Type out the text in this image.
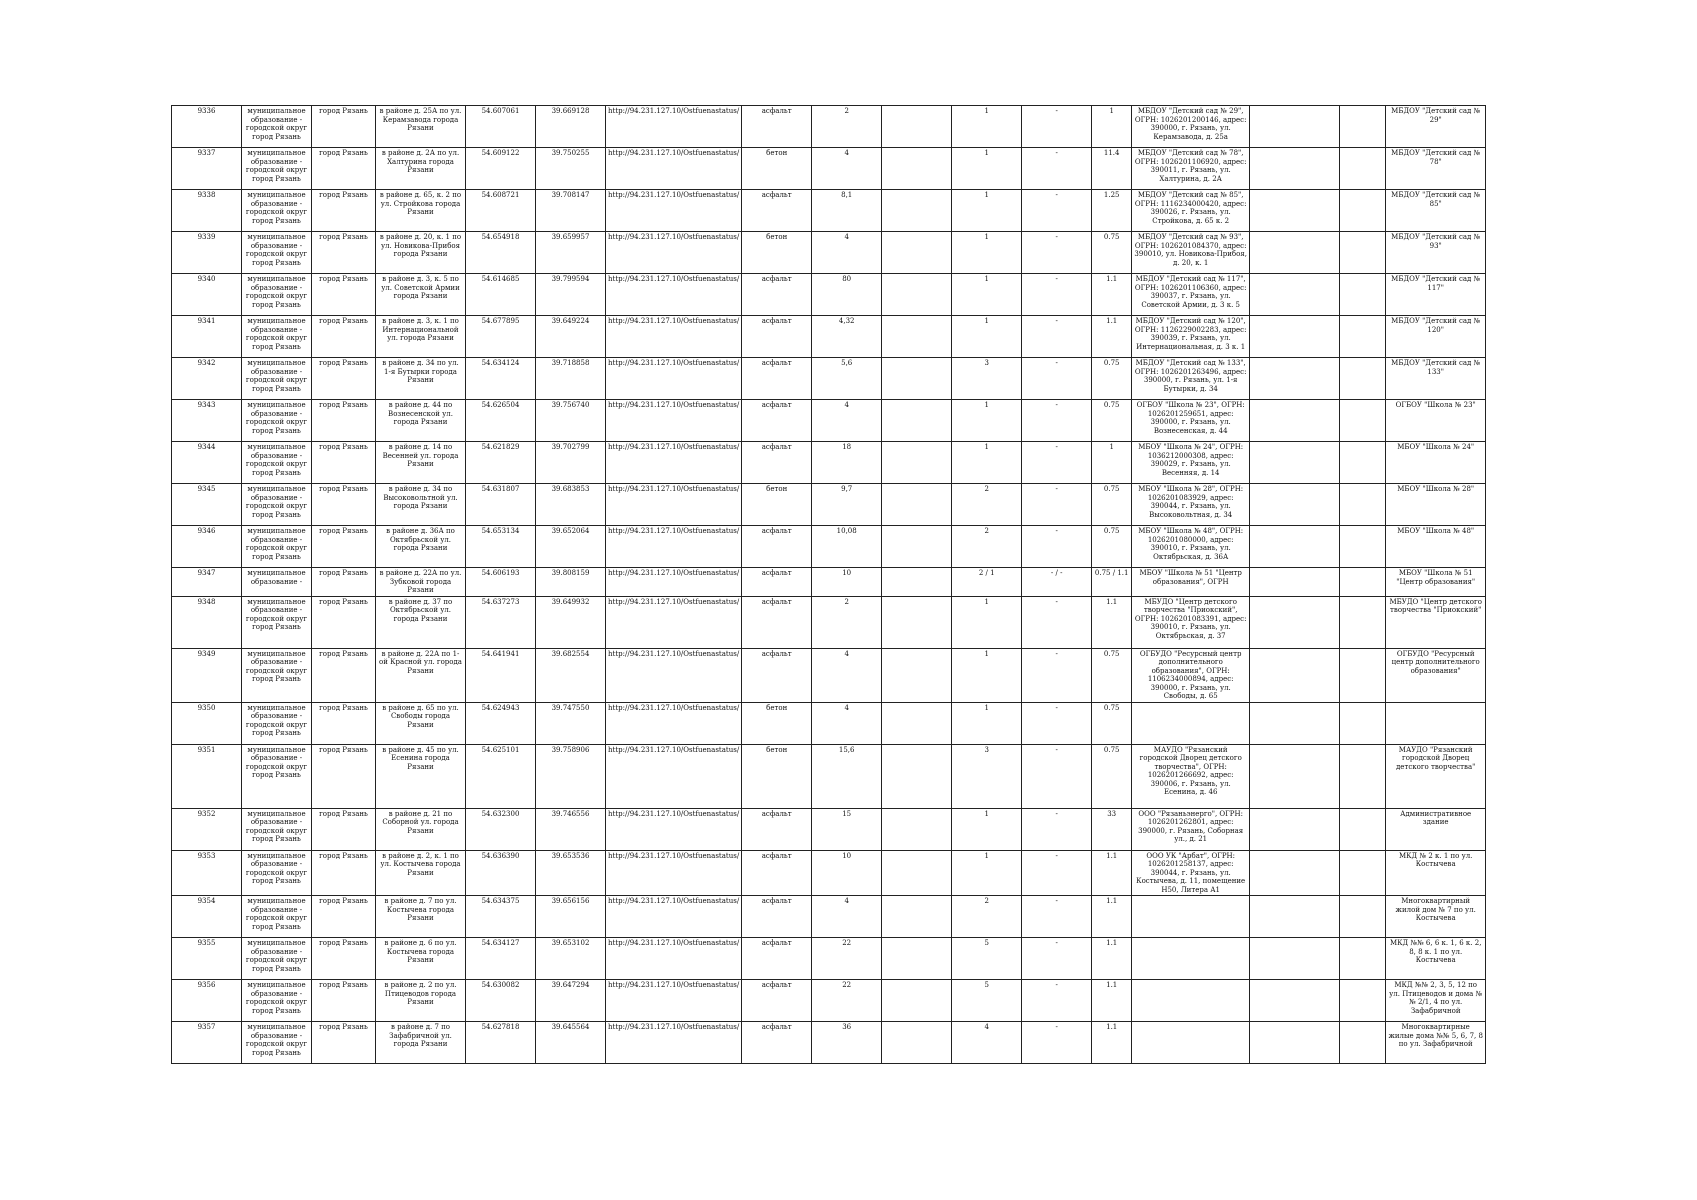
9336	муниципальное образование - городской округ город Рязань	город Рязань	в районе д. 25А по ул. Керамзавода города Рязани	54.607061	39.669128	http://94.231.127.10/Ostfuenastatus/	асфальт	2		1	-	1	МБДОУ "Детский сад № 29", ОГРН: 1026201200146, адрес: 390000, г. Рязань, ул. Керамзавода, д. 25а			МБДОУ "Детский сад № 29"
9337	муниципальное образование - городской округ город Рязань	город Рязань	в районе д. 2А по ул. Халтурина города Рязани	54.609122	39.750255	http://94.231.127.10/Ostfuenastatus/	бетон	4		1	-	11.4	МБДОУ "Детский сад № 78", ОГРН: 1026201106920, адрес: 390011, г. Рязань, ул. Халтурина, д. 2А			МБДОУ "Детский сад № 78"
9338	муниципальное образование - городской округ город Рязань	город Рязань	в районе д. 65, к. 2 по ул. Стройкова города Рязани	54.608721	39.708147	http://94.231.127.10/Ostfuenastatus/	асфальт	8,1		1	-	1.25	МБДОУ "Детский сад № 85", ОГРН: 1116234000420, адрес: 390026, г. Рязань, ул. Стройкова, д. 65 к. 2			МБДОУ "Детский сад № 85"
9339	муниципальное образование - городской округ город Рязань	город Рязань	в районе д. 20, к. 1 по ул. Новикова-Прибоя города Рязани	54.654918	39.659957	http://94.231.127.10/Ostfuenastatus/	бетон	4		1	-	0.75	МБДОУ "Детский сад № 93", ОГРН: 1026201084370, адрес: 390010, ул. Новикова-Прибоя, д. 20, к. 1			МБДОУ "Детский сад № 93"
9340	муниципальное образование - городской округ город Рязань	город Рязань	в районе д. 3, к. 5 по ул. Советской Армии города Рязани	54.614685	39.799594	http://94.231.127.10/Ostfuenastatus/	асфальт	80		1	-	1.1	МБДОУ "Детский сад № 117", ОГРН: 1026201106360, адрес: 390037, г. Рязань, ул. Советской Армии, д. 3 к. 5			МБДОУ "Детский сад № 117"
9341	муниципальное образование - городской округ город Рязань	город Рязань	в районе д. 3, к. 1 по Интернациональной ул. города Рязани	54.677895	39.649224	http://94.231.127.10/Ostfuenastatus/	асфальт	4,32		1	-	1.1	МБДОУ "Детский сад № 120", ОГРН: 1126229002283, адрес: 390039, г. Рязань, ул. Интернациональная, д. 3 к. 1			МБДОУ "Детский сад № 120"
9342	муниципальное образование - городской округ город Рязань	город Рязань	в районе д. 34 по ул. 1-я Бутырки города Рязани	54.634124	39.718858	http://94.231.127.10/Ostfuenastatus/	асфальт	5,6		3	-	0.75	МБДОУ "Детский сад № 133", ОГРН: 1026201263496, адрес: 390000, г. Рязань, ул. 1-я Бутырки, д. 34			МБДОУ "Детский сад № 133"
9343	муниципальное образование - городской округ город Рязань	город Рязань	в районе д. 44 по Вознесенской ул. города Рязани	54.626504	39.756740	http://94.231.127.10/Ostfuenastatus/	асфальт	4		1	-	0.75	ОГБОУ "Школа № 23", ОГРН: 1026201259651, адрес: 390000, г. Рязань, ул. Вознесенская, д. 44			ОГБОУ "Школа № 23"
9344	муниципальное образование - городской округ город Рязань	город Рязань	в районе д. 14 по Весенней ул. города Рязани	54.621829	39.702799	http://94.231.127.10/Ostfuenastatus/	асфальт	18		1	-	1	МБОУ "Школа № 24", ОГРН: 1036212000308, адрес: 390029, г. Рязань, ул. Весенняя, д. 14			МБОУ "Школа № 24"
9345	муниципальное образование - городской округ город Рязань	город Рязань	в районе д. 34 по Высоковольтной ул. города Рязани	54.631807	39.683853	http://94.231.127.10/Ostfuenastatus/	бетон	9,7		2	-	0.75	МБОУ "Школа № 28", ОГРН: 1026201083929, адрес: 390044, г. Рязань, ул. Высоковольтная, д. 34			МБОУ "Школа № 28"
9346	муниципальное образование - городской округ город Рязань	город Рязань	в районе д. 36А по Октябрьской ул. города Рязани	54.653134	39.652064	http://94.231.127.10/Ostfuenastatus/	асфальт	10,08		2	-	0.75	МБОУ "Школа № 48", ОГРН: 1026201080000, адрес: 390010, г. Рязань, ул. Октябрьская, д. 36А			МБОУ "Школа № 48"
9347	муниципальное образование -	город Рязань	в районе д. 22А по ул. Зубковой города Рязани	54.606193	39.808159	http://94.231.127.10/Ostfuenastatus/	асфальт	10		2 / 1	- / -	0.75 / 1.1	МБОУ "Школа № 51 "Центр образования", ОГРН			МБОУ "Школа № 51 "Центр образования"
9348	муниципальное образование - городской округ город Рязань	город Рязань	в районе д. 37 по Октябрьской ул. города Рязани	54.637273	39.649932	http://94.231.127.10/Ostfuenastatus/	асфальт	2		1	-	1.1	МБУДО "Центр детского творчества "Приокский", ОГРН: 1026201083391, адрес: 390010, г. Рязань, ул. Октябрьская, д. 37			МБУДО "Центр детского творчества "Приокский"
9349	муниципальное образование - городской округ город Рязань	город Рязань	в районе д. 22А по 1-ой Красной ул. города Рязани	54.641941	39.682554	http://94.231.127.10/Ostfuenastatus/	асфальт	4		1	-	0.75	ОГБУДО "Ресурсный центр дополнительного образования", ОГРН: 1106234000894, адрес: 390000, г. Рязань, ул. Свободы, д. 65			ОГБУДО "Ресурсный центр дополнительного образования"
9350	муниципальное образование - городской округ город Рязань	город Рязань	в районе д. 65 по ул. Свободы города Рязани	54.624943	39.747550	http://94.231.127.10/Ostfuenastatus/	бетон	4		1	-	0.75				
9351	муниципальное образование - городской округ город Рязань	город Рязань	в районе д. 45 по ул. Есенина города Рязани	54.625101	39.758906	http://94.231.127.10/Ostfuenastatus/	бетон	15,6		3	-	0.75	МАУДО "Рязанский городской Дворец детского творчества", ОГРН: 1026201266692, адрес: 390006, г. Рязань, ул. Есенина, д. 46			МАУДО "Рязанский городской Дворец детского творчества"
9352	муниципальное образование - городской округ город Рязань	город Рязань	в районе д. 21 по Соборной ул. города Рязани	54.632300	39.746556	http://94.231.127.10/Ostfuenastatus/	асфальт	15		1	-	33	ООО "Рязаньэнерго", ОГРН: 1026201262801, адрес: 390000, г. Рязань, Соборная ул., д. 21			Административное здание
9353	муниципальное образование - городской округ город Рязань	город Рязань	в районе д. 2, к. 1 по ул. Костычева города Рязани	54.636390	39.653536	http://94.231.127.10/Ostfuenastatus/	асфальт	10		1	-	1.1	ООО УК "Арбат", ОГРН: 1026201258137, адрес: 390044, г. Рязань, ул. Костычева, д. 11, помещение Н50, Литера А1			МКД № 2 к. 1 по ул. Костычева
9354	муниципальное образование - городской округ город Рязань	город Рязань	в районе д. 7 по ул. Костычева города Рязани	54.634375	39.656156	http://94.231.127.10/Ostfuenastatus/	асфальт	4		2	-	1.1				Многоквартирный жилой дом № 7 по ул. Костычева
9355	муниципальное образование - городской округ город Рязань	город Рязань	в районе д. 6 по ул. Костычева города Рязани	54.634127	39.653102	http://94.231.127.10/Ostfuenastatus/	асфальт	22		5	-	1.1				МКД №№ 6, 6 к. 1, 6 к. 2, 8, 8 к. 1 по ул. Костычева
9356	муниципальное образование - городской округ город Рязань	город Рязань	в районе д. 2 по ул. Птицеводов города Рязани	54.630082	39.647294	http://94.231.127.10/Ostfuenastatus/	асфальт	22		5	-	1.1				МКД №№ 2, 3, 5, 12 по ул. Птицеводов и дома №№ 2/1, 4 по ул. Зафабричной
9357	муниципальное образование - городской округ город Рязань	город Рязань	в районе д. 7 по Зафабричной ул. города Рязани	54.627818	39.645564	http://94.231.127.10/Ostfuenastatus/	асфальт	36		4	-	1.1				Многоквартирные жилые дома №№ 5, 6, 7, 8 по ул. Зафабричной
